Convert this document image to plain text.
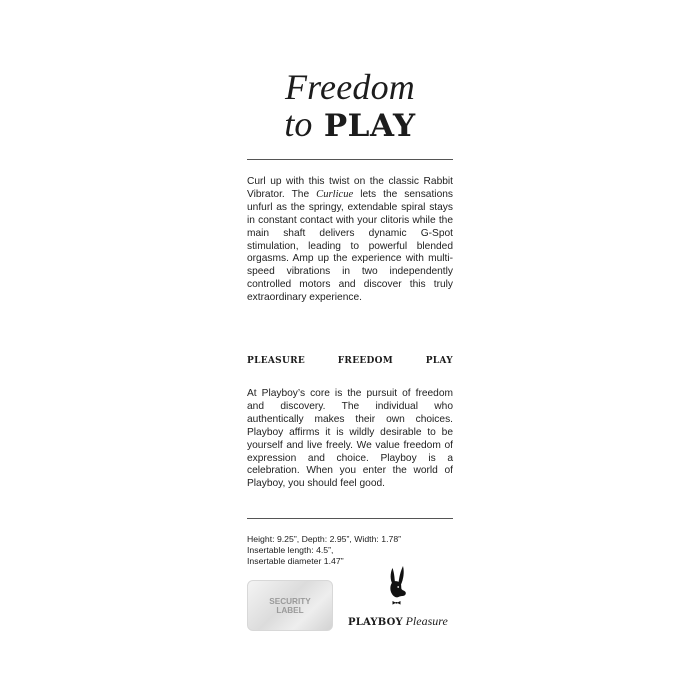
Freedom
to PLAY

Curl up with this twist on the classic Rabbit Vibrator. The Curlicue lets the sensations unfurl as the springy, extendable spiral stays in constant contact with your clitoris while the main shaft delivers dynamic G-Spot stimulation, leading to powerful blended orgasms. Amp up the experience with multi-speed vibrations in two independently controlled motors and discover this truly extraordinary experience.

PLEASURE	FREEDOM	PLAY

At Playboy’s core is the pursuit of freedom and discovery. The individual who authentically makes their own choices. Playboy affirms it is wildly desirable to be yourself and live freely. We value freedom of expression and choice. Playboy is a celebration. When you enter the world of Playboy, you should feel good.

Height: 9.25”, Depth: 2.95”, Width: 1.78”
Insertable length: 4.5”,
Insertable diameter 1.47”
SECURITY
LABEL
PLAYBOY Pleasure
